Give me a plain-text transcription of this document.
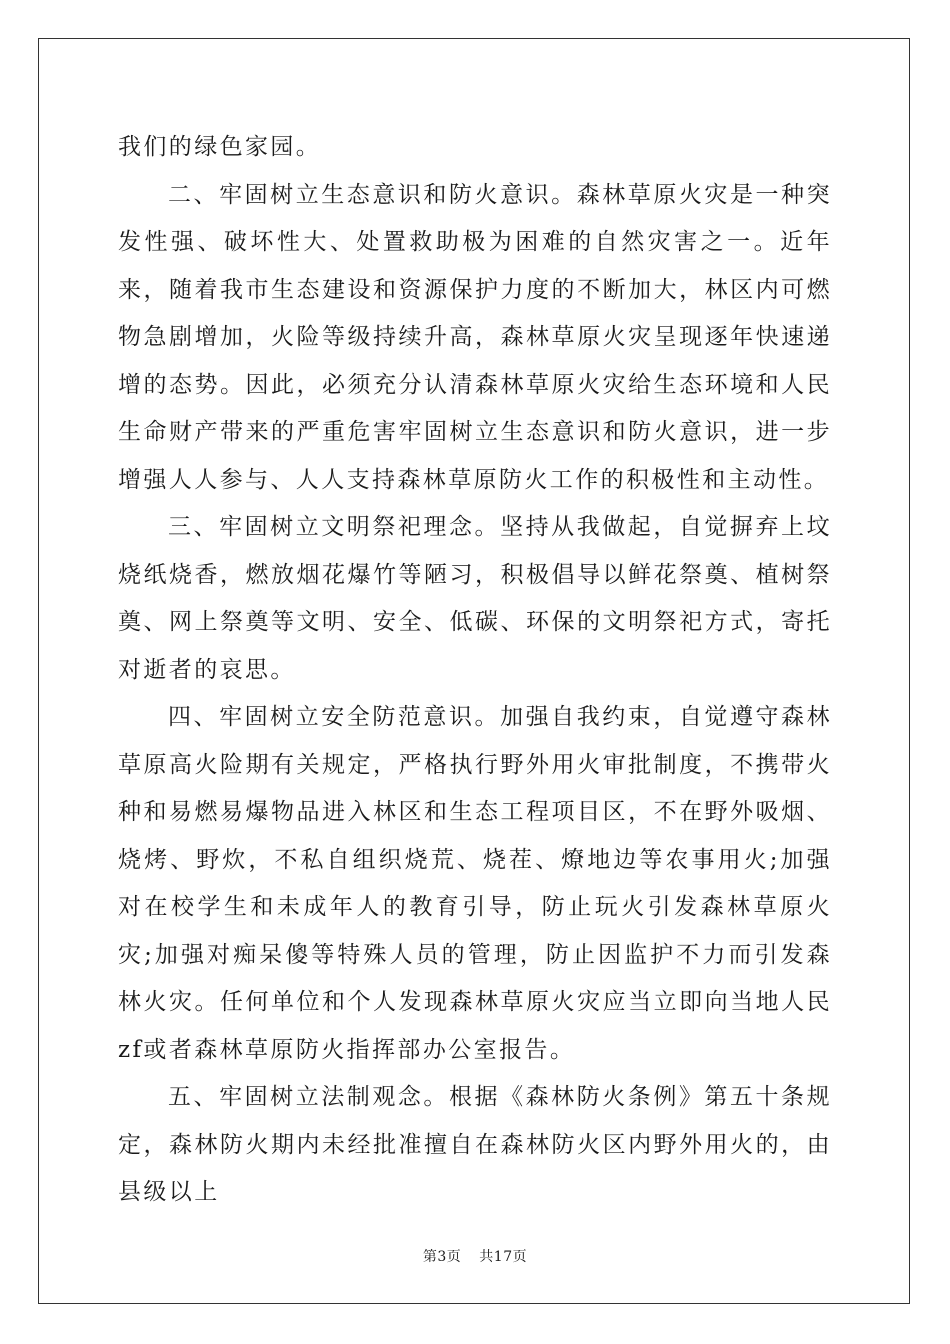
我们的绿色家园。

二、牢固树立生态意识和防火意识。森林草原火灾是一种突发性强、破坏性大、处置救助极为困难的自然灾害之一。近年来，随着我市生态建设和资源保护力度的不断加大，林区内可燃物急剧增加，火险等级持续升高，森林草原火灾呈现逐年快速递增的态势。因此，必须充分认清森林草原火灾给生态环境和人民生命财产带来的严重危害牢固树立生态意识和防火意识，进一步增强人人参与、人人支持森林草原防火工作的积极性和主动性。

三、牢固树立文明祭祀理念。坚持从我做起，自觉摒弃上坟烧纸烧香，燃放烟花爆竹等陋习，积极倡导以鲜花祭奠、植树祭奠、网上祭奠等文明、安全、低碳、环保的文明祭祀方式，寄托对逝者的哀思。

四、牢固树立安全防范意识。加强自我约束，自觉遵守森林草原高火险期有关规定，严格执行野外用火审批制度，不携带火种和易燃易爆物品进入林区和生态工程项目区，不在野外吸烟、烧烤、野炊，不私自组织烧荒、烧茬、燎地边等农事用火;加强对在校学生和未成年人的教育引导，防止玩火引发森林草原火灾;加强对痴呆傻等特殊人员的管理，防止因监护不力而引发森林火灾。任何单位和个人发现森林草原火灾应当立即向当地人民zf或者森林草原防火指挥部办公室报告。

五、牢固树立法制观念。根据《森林防火条例》第五十条规定，森林防火期内未经批准擅自在森林防火区内野外用火的，由县级以上

第3页 共17页
